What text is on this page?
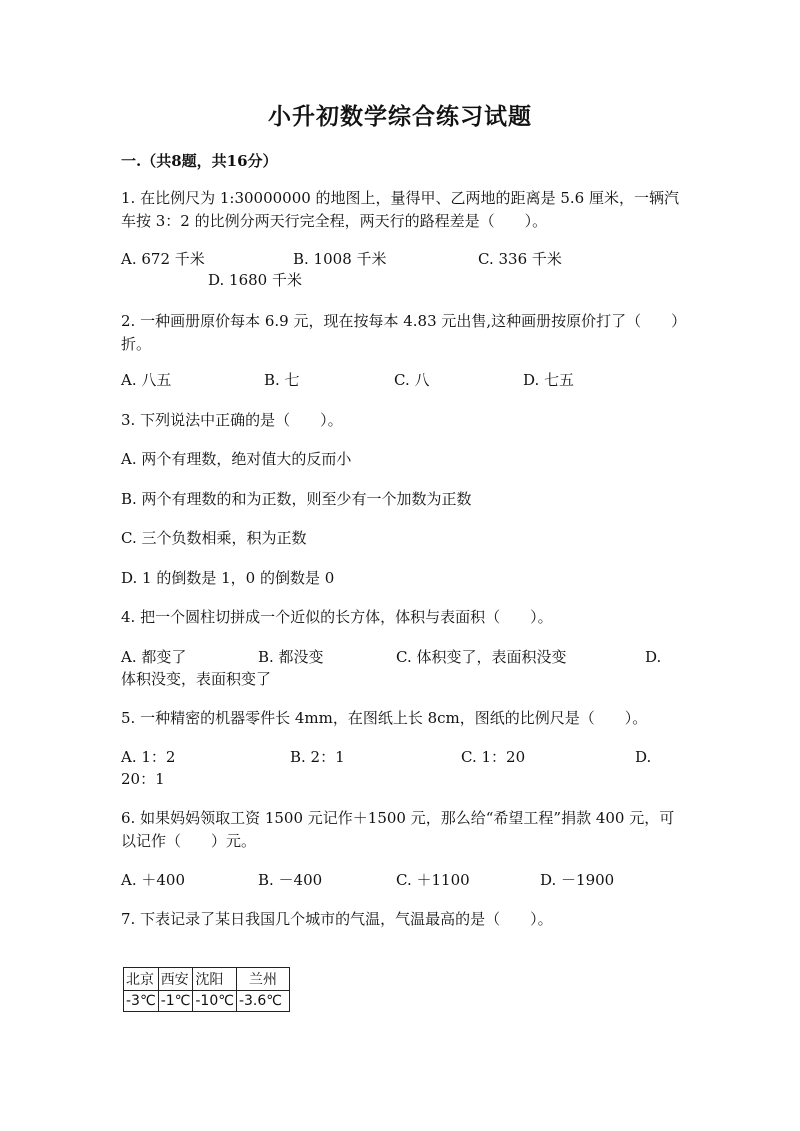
小升初数学综合练习试题
一.（共8题，共16分）
1. 在比例尺为 1:30000000 的地图上，量得甲、乙两地的距离是 5.6 厘米，一辆汽车按 3：2 的比例分两天行完全程，两天行的路程差是（　　）。
A. 672 千米	B. 1008 千米	C. 336 千米
D. 1680 千米
2. 一种画册原价每本 6.9 元，现在按每本 4.83 元出售,这种画册按原价打了（　　）折。
A. 八五	B. 七	C. 八	D. 七五
3. 下列说法中正确的是（　　）。
A. 两个有理数，绝对值大的反而小
B. 两个有理数的和为正数，则至少有一个加数为正数
C. 三个负数相乘，积为正数
D. 1 的倒数是 1，0 的倒数是 0
4. 把一个圆柱切拼成一个近似的长方体，体积与表面积（　　）。
A. 都变了	B. 都没变	C. 体积变了，表面积没变	D. 体积没变，表面积变了
5. 一种精密的机器零件长 4mm，在图纸上长 8cm，图纸的比例尺是（　　）。
A. 1：2	B. 2：1	C. 1：20	D. 20：1
6. 如果妈妈领取工资 1500 元记作＋1500 元，那么给“希望工程”捐款 400 元，可以记作（　　）元。
A. ＋400	B. －400	C. ＋1100	D. －1900
7. 下表记录了某日我国几个城市的气温，气温最高的是（　　）。
北京	西安	沈阳	兰州
-3℃	-1℃	-10℃	-3.6℃
